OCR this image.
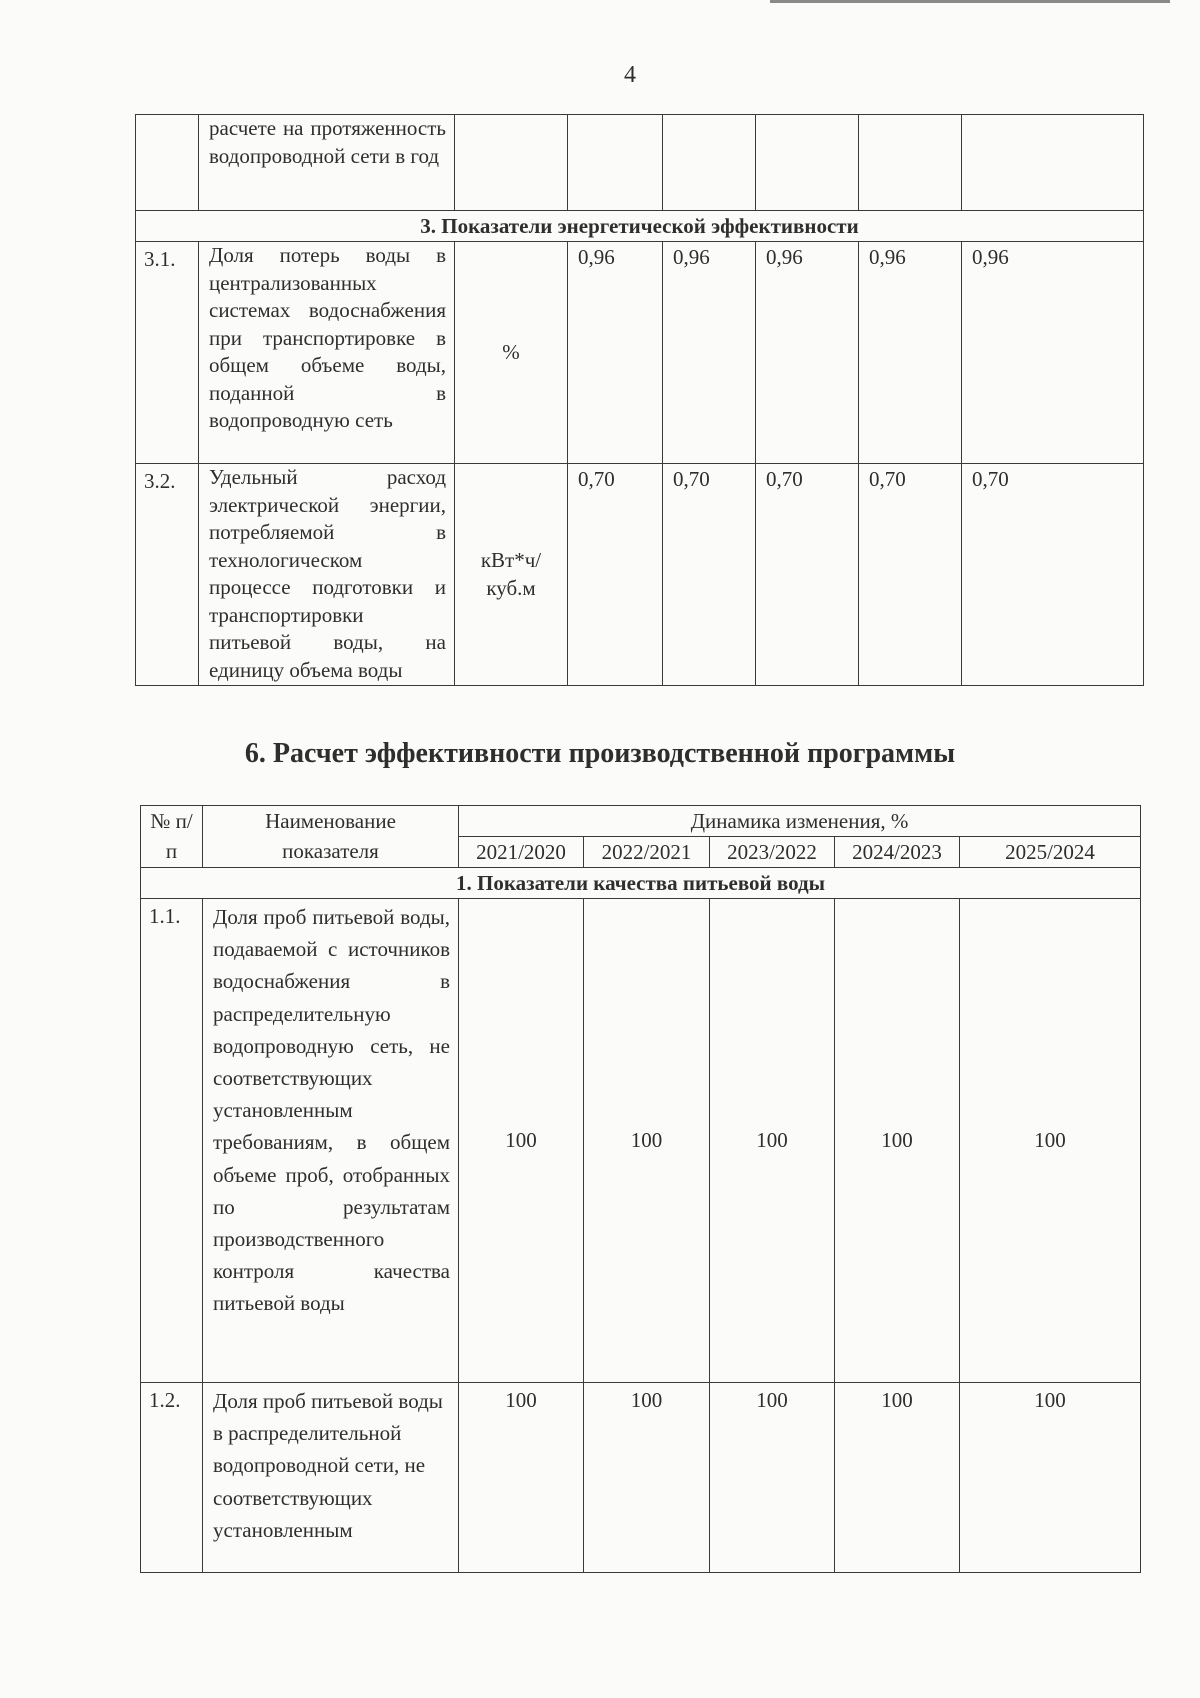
4
	расчете на протяженность водопроводной сети в год						
3. Показатели энергетической эффективности							
3.1.	Доля потерь воды в централизованных системах водоснабжения при транспортировке в общем объеме воды, поданной в водопроводную сеть	%	0,96	0,96	0,96	0,96	0,96
3.2.	Удельный расход электрической энергии, потребляемой в технологическом процессе подготовки и транспортировки питьевой воды, на единицу объема воды	кВт*ч/ куб.м	0,70	0,70	0,70	0,70	0,70
6. Расчет эффективности производственной программы
№ п/п	Наименование показателя	Динамика изменения, %				
		2021/2020	2022/2021	2023/2022	2024/2023	2025/2024
1. Показатели качества питьевой воды						
1.1.	Доля проб питьевой воды, подаваемой с источников водоснабжения в распределительную водопроводную сеть, не соответствующих установленным требованиям, в общем объеме проб, отобранных по результатам производственного контроля качества питьевой воды	100	100	100	100	100
1.2.	Доля проб питьевой воды в распределительной водопроводной сети, не соответствующих установленным	100	100	100	100	100
